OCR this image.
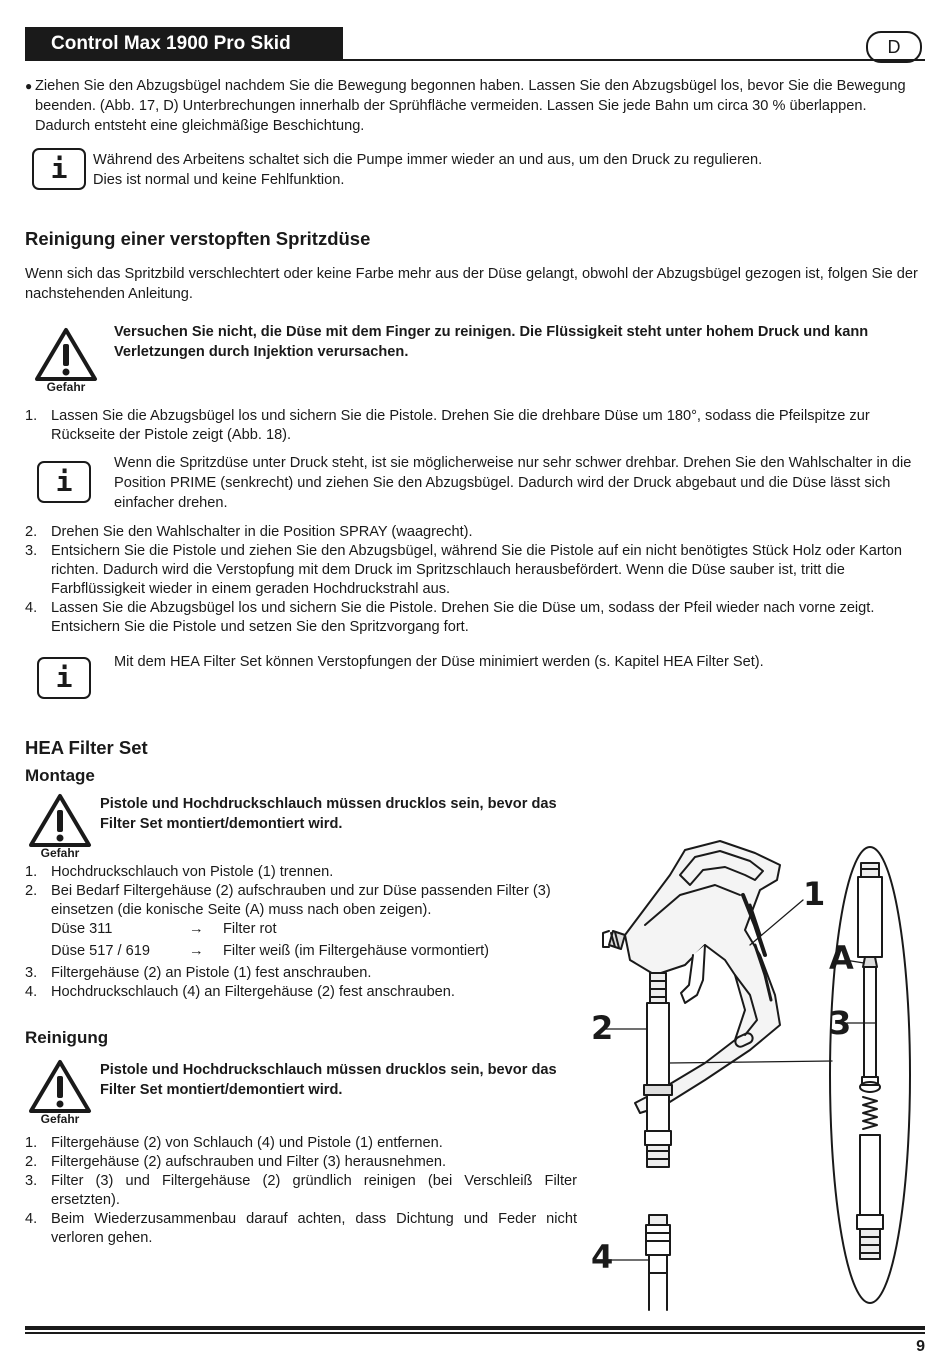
Control Max 1900 Pro Skid	D
● Ziehen Sie den Abzugsbügel nachdem Sie die Bewegung begonnen haben. Lassen Sie den Abzugsbügel los, bevor Sie die Bewegung beenden. (Abb. 17, D) Unterbrechungen innerhalb der Sprühfläche vermeiden. Lassen Sie jede Bahn um circa 30 % überlappen. Dadurch entsteht eine gleichmäßige Beschichtung.
i	Während des Arbeitens schaltet sich die Pumpe immer wieder an und aus, um den Druck zu regulieren.
Dies ist normal und keine Fehlfunktion.
Reinigung einer verstopften Spritzdüse
Wenn sich das Spritzbild verschlechtert oder keine Farbe mehr aus der Düse gelangt, obwohl der Abzugsbügel gezogen ist, folgen Sie der nachstehenden Anleitung.
Gefahr
Versuchen Sie nicht, die Düse mit dem Finger zu reinigen. Die Flüssigkeit steht unter hohem Druck und kann Verletzungen durch Injektion verursachen.
1. Lassen Sie die Abzugsbügel los und sichern Sie die Pistole. Drehen Sie die drehbare Düse um 180°, sodass die Pfeilspitze zur Rückseite der Pistole zeigt (Abb. 18).
i
Wenn die Spritzdüse unter Druck steht, ist sie möglicherweise nur sehr schwer drehbar. Drehen Sie den Wahlschalter in die Position PRIME (senkrecht) und ziehen Sie den Abzugsbügel. Dadurch wird der Druck abgebaut und die Düse lässt sich einfacher drehen.
2. Drehen Sie den Wahlschalter in die Position SPRAY (waagrecht).
3. Entsichern Sie die Pistole und ziehen Sie den Abzugsbügel, während Sie die Pistole auf ein nicht benötigtes Stück Holz oder Karton richten. Dadurch wird die Verstopfung mit dem Druck im Spritzschlauch herausbefördert. Wenn die Düse sauber ist, tritt die Farbflüssigkeit wieder in einem geraden Hochdruckstrahl aus.
4. Lassen Sie die Abzugsbügel los und sichern Sie die Pistole. Drehen Sie die Düse um, sodass der Pfeil wieder nach vorne zeigt. Entsichern Sie die Pistole und setzen Sie den Spritzvorgang fort.
i	Mit dem HEA Filter Set können Verstopfungen der Düse minimiert werden (s. Kapitel HEA Filter Set).
HEA Filter Set
Montage
Gefahr
Pistole und Hochdruckschlauch müssen drucklos sein, bevor das
Filter Set montiert/demontiert wird.
1. Hochdruckschlauch von Pistole (1) trennen.
2. Bei Bedarf Filtergehäuse (2) aufschrauben und zur Düse passenden Filter (3) einsetzen (die konische Seite (A) muss nach oben zeigen).
Düse 311	→ Filter rot
Düse 517 / 619	→ Filter weiß (im Filtergehäuse vormontiert)
3. Filtergehäuse (2) an Pistole (1) fest anschrauben.
4. Hochdruckschlauch (4) an Filtergehäuse (2) fest anschrauben.
Reinigung
Gefahr
Pistole und Hochdruckschlauch müssen drucklos sein, bevor das
Filter Set montiert/demontiert wird.
1. Filtergehäuse (2) von Schlauch (4) und Pistole (1) entfernen.
2. Filtergehäuse (2) aufschrauben und Filter (3) herausnehmen.
3. Filter (3) und Filtergehäuse (2) gründlich reinigen (bei Verschleiß Filter ersetzten).
4. Beim Wiederzusammenbau darauf achten, dass Dichtung und Feder nicht verloren gehen.
1
2
A
3
4
9
